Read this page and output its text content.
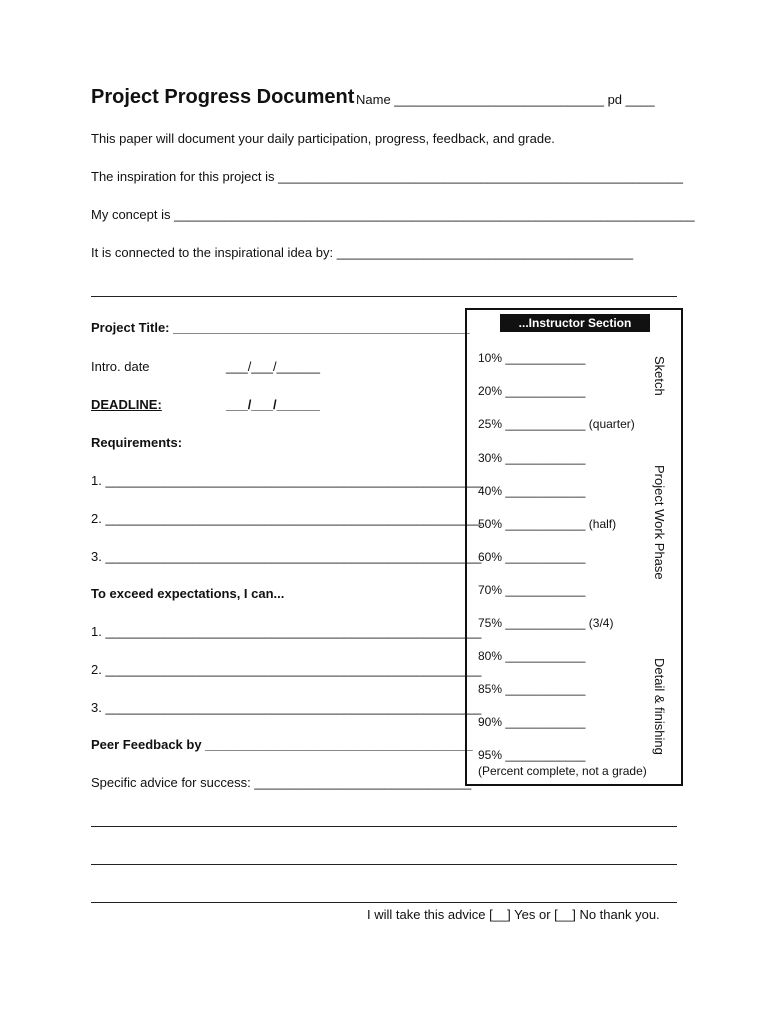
Project Progress Document Name _____________________________ pd ____
This paper will document your daily participation, progress, feedback, and grade.
The inspiration for this project is ________________________________________________________
My concept is ________________________________________________________________________
It is connected to the inspirational idea by: _________________________________________
Project Title: _________________________________________
Intro. date	___/___/______
DEADLINE:	___/___/______
Requirements:
1. ____________________________________________________
2. ____________________________________________________
3. ____________________________________________________
To exceed expectations, I can...
1. ____________________________________________________
2. ____________________________________________________
3. ____________________________________________________
Peer Feedback by _____________________________________
Specific advice for success: ______________________________
...Instructor Section Only...
10% ____________
20% ____________
25% ____________ (quarter)
30% ____________
40% ____________
50% ____________ (half)
60% ____________
70% ____________
75% ____________ (3/4)
80% ____________
85% ____________
90% ____________
95% ____________
(Percent complete, not a grade)
Sketch
Project Work Phase
Detail & finishing
I will take this advice [__] Yes or [__] No thank you.
